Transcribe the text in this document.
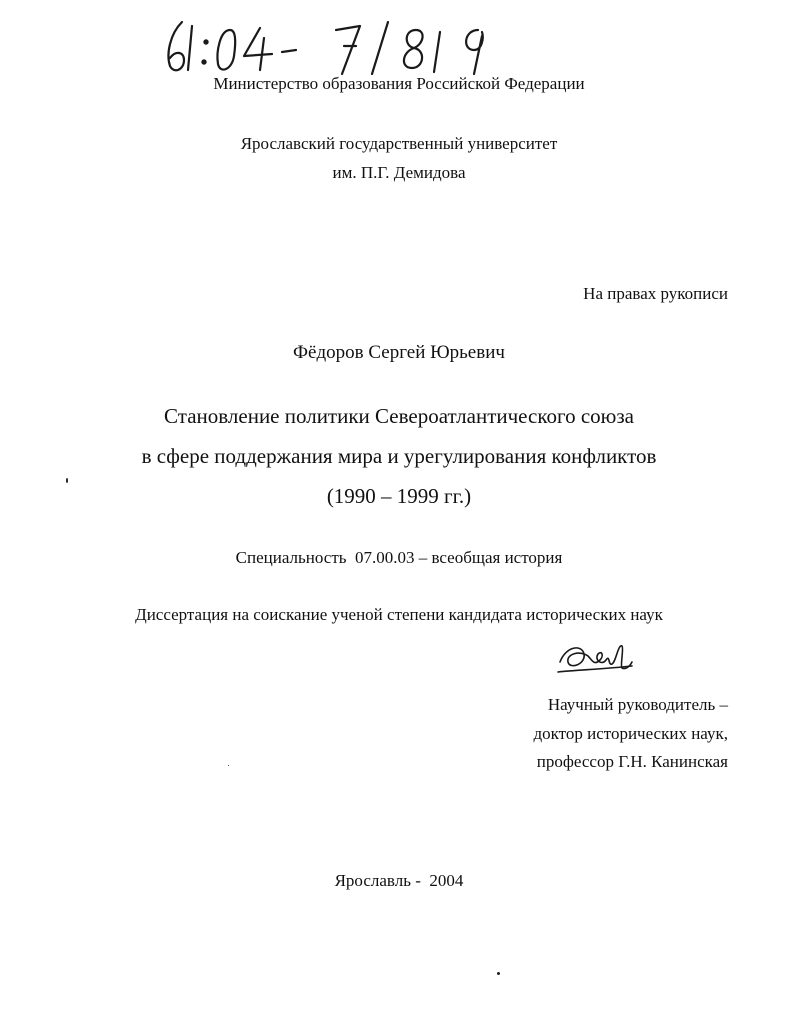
Министерство образования Российской Федерации
Ярославский государственный университет
им. П.Г. Демидова
На правах рукописи
Фёдоров Сергей Юрьевич
Становление политики Североатлантического союза
в сфере поддержания мира и урегулирования конфликтов
(1990 – 1999 гг.)
Специальность  07.00.03 – всеобщая история
Диссертация на соискание ученой степени кандидата исторических наук
Научный руководитель –
доктор исторических наук,
профессор Г.Н. Канинская
Ярославль -  2004
